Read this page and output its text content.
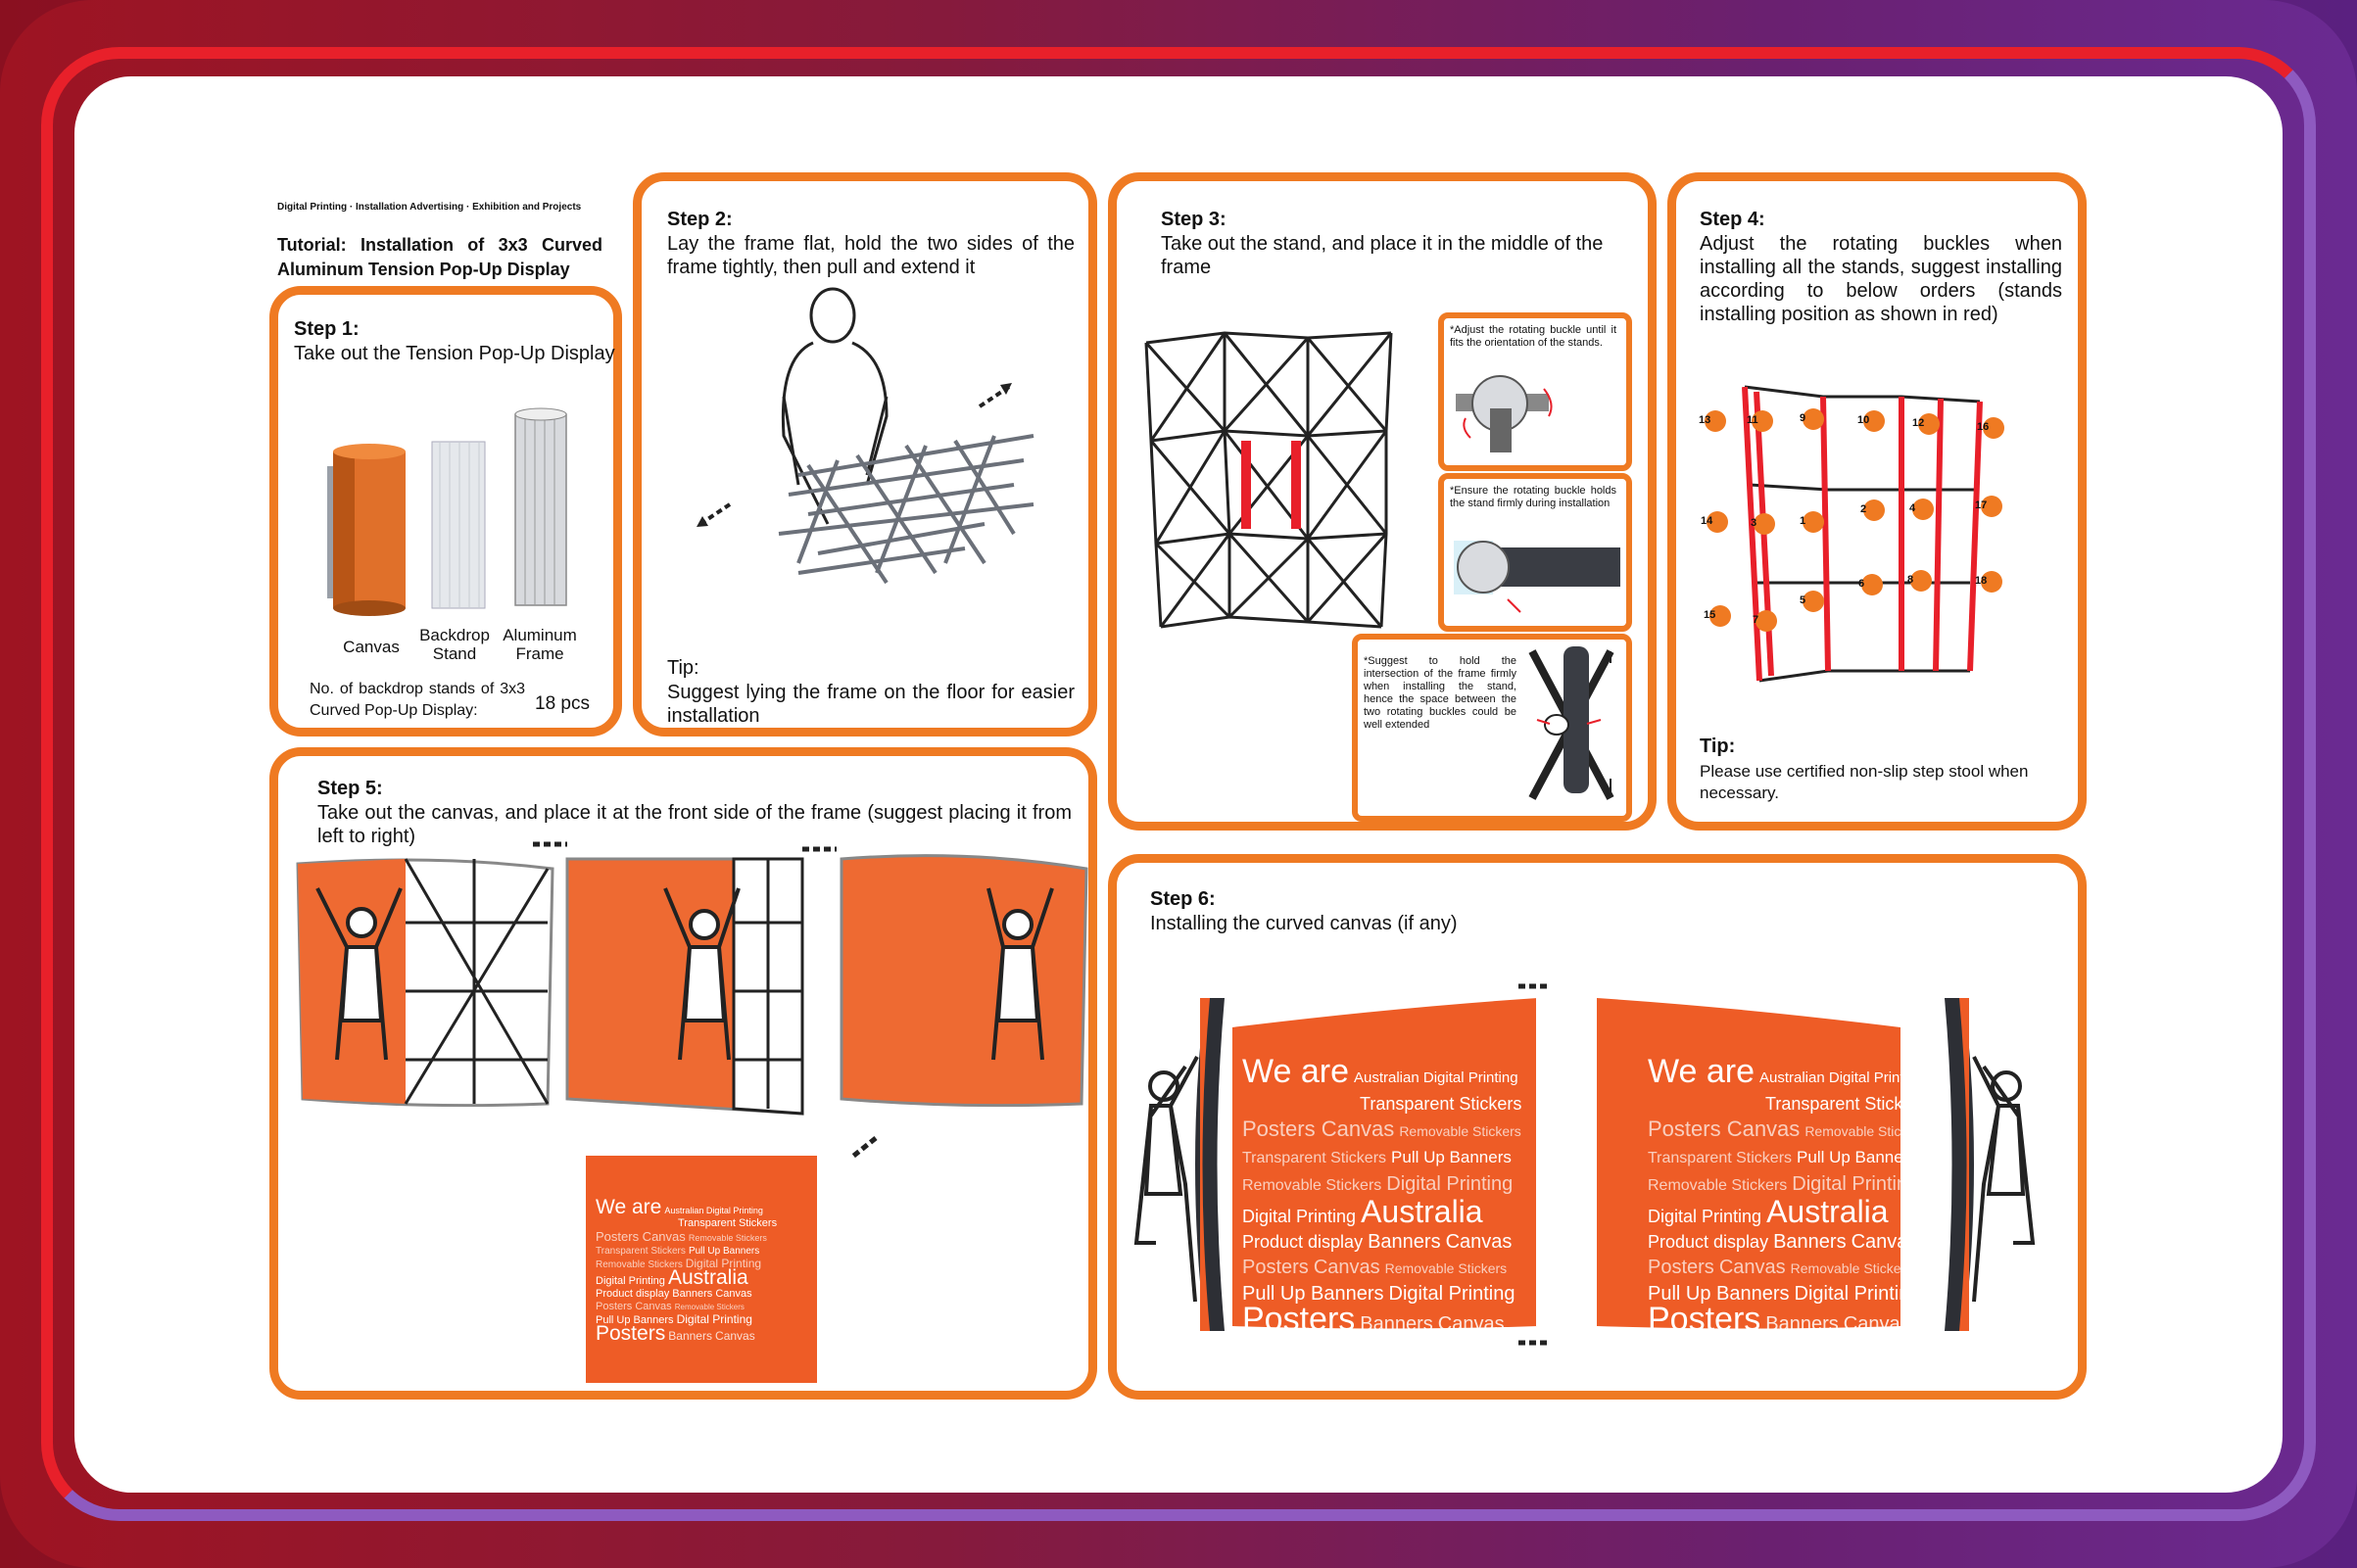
Digital Printing · Installation Advertising · Exhibition and Projects
Tutorial: Installation of 3x3 Curved Aluminum Tension Pop-Up Display
Step 1:
Take out the Tension Pop-Up Display
Canvas
Backdrop Stand
Aluminum Frame
No. of backdrop stands of 3x3 Curved Pop-Up Display:	18 pcs
Step 2:
Lay the frame flat, hold the two sides of the frame tightly, then pull and extend it
Tip:
Suggest lying the frame on the floor for easier installation
Step 3:
Take out the stand, and place it in the middle of the frame
*Adjust the rotating buckle until it fits the orientation of the stands.
*Ensure the rotating buckle holds the stand firmly during installation
*Suggest to hold the intersection of the frame firmly when installing the stand, hence the space between the two rotating buckles could be well extended
Step 4:
Adjust the rotating buckles when installing all the stands, suggest installing according to below orders (stands installing position as shown in red)
13	11	9	10	12	16
14	3	1
2	4	17
15	7
5
6	8	18
Tip:
Please use certified non-slip step stool when necessary.
Step 5:
Take out the canvas, and place it at the front side of the frame (suggest placing it from left to right)
We are Australian Digital Printing
Transparent Stickers
Posters Canvas Removable Stickers
Transparent Stickers Pull Up Banners
Removable Stickers Digital Printing
Digital Printing Australia
Product display Banners Canvas
Posters Canvas Removable Stickers
Pull Up Banners Digital Printing
Posters Banners Canvas
Step 6:
Installing the curved canvas (if any)
We are Australian Digital Printing
Transparent Stickers
Posters Canvas Removable Stickers
Transparent Stickers Pull Up Banners
Removable Stickers Digital Printing
Digital Printing Australia
Product display Banners Canvas
Posters Canvas Removable Stickers
Pull Up Banners Digital Printing
Posters Banners Canvas
We are Australian Digital Printing
Transparent Stickers
Posters Canvas Removable Stickers
Transparent Stickers Pull Up Banners
Removable Stickers Digital Printing
Digital Printing Australia
Product display Banners Canvas
Posters Canvas Removable Stickers
Pull Up Banners Digital Printing
Posters Banners Canvas
